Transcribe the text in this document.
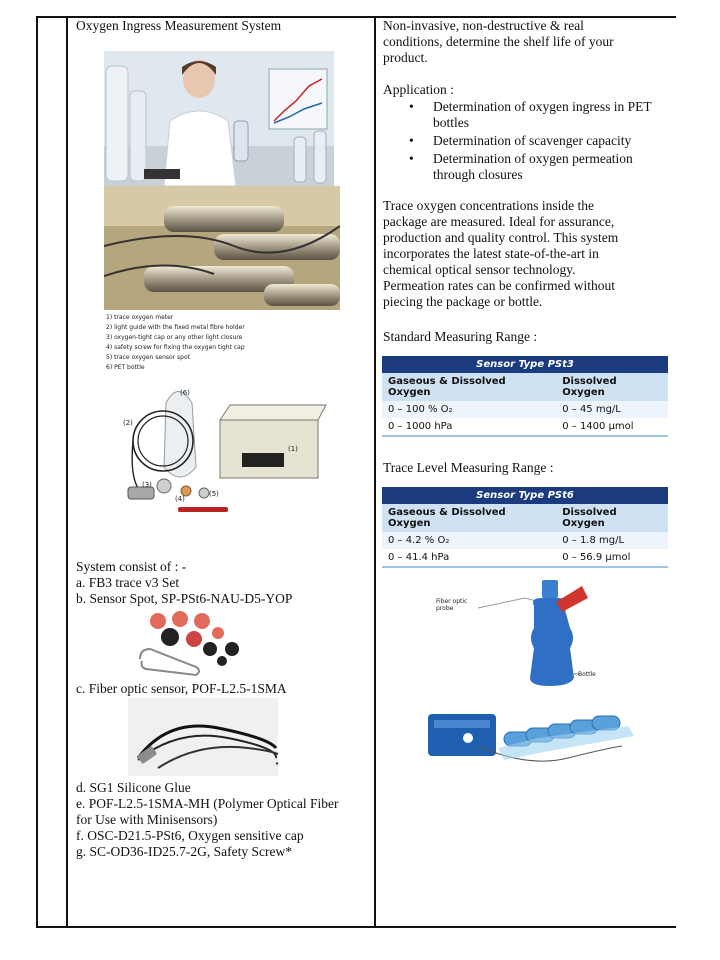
Oxygen Ingress Measurement System
1) trace oxygen meter
2) light guide with the fixed metal fibre holder
3) oxygen-tight cap or any other light closure
4) safety screw for fixing the oxygen tight cap
5) trace oxygen sensor spot
6) PET bottle
(6)
(2)
(1)
(3)
(4)
(5)
System consist of : -
a. FB3 trace v3 Set
b. Sensor Spot, SP-PSt6-NAU-D5-YOP
c. Fiber optic sensor, POF-L2.5-1SMA
d. SG1 Silicone Glue
e. POF-L2.5-1SMA-MH (Polymer Optical Fiber
for Use with Minisensors)
f. OSC-D21.5-PSt6, Oxygen sensitive cap
g. SC-OD36-ID25.7-2G, Safety Screw*
Non-invasive, non-destructive & real
conditions, determine the shelf life of your
product.
Application :
• Determination of oxygen ingress in PET bottles
• Determination of scavenger capacity
• Determination of oxygen permeation through closures
Trace oxygen concentrations inside the
package are measured. Ideal for assurance,
production and quality control. This system
incorporates the latest state-of-the-art in
chemical optical sensor technology.
Permeation rates can be confirmed without
piecing the package or bottle.
Standard Measuring Range :
Sensor Type PSt3	
Gaseous & Dissolved Oxygen	Dissolved Oxygen
0 – 100 % O₂	0 – 45 mg/L
0 – 1000 hPa	0 – 1400 µmol
Trace Level Measuring Range :
Sensor Type PSt6	
Gaseous & Dissolved Oxygen	Dissolved Oxygen
0 – 4.2 % O₂	0 – 1.8 mg/L
0 – 41.4 hPa	0 – 56.9 µmol
Fiber optic probe
Bottle
